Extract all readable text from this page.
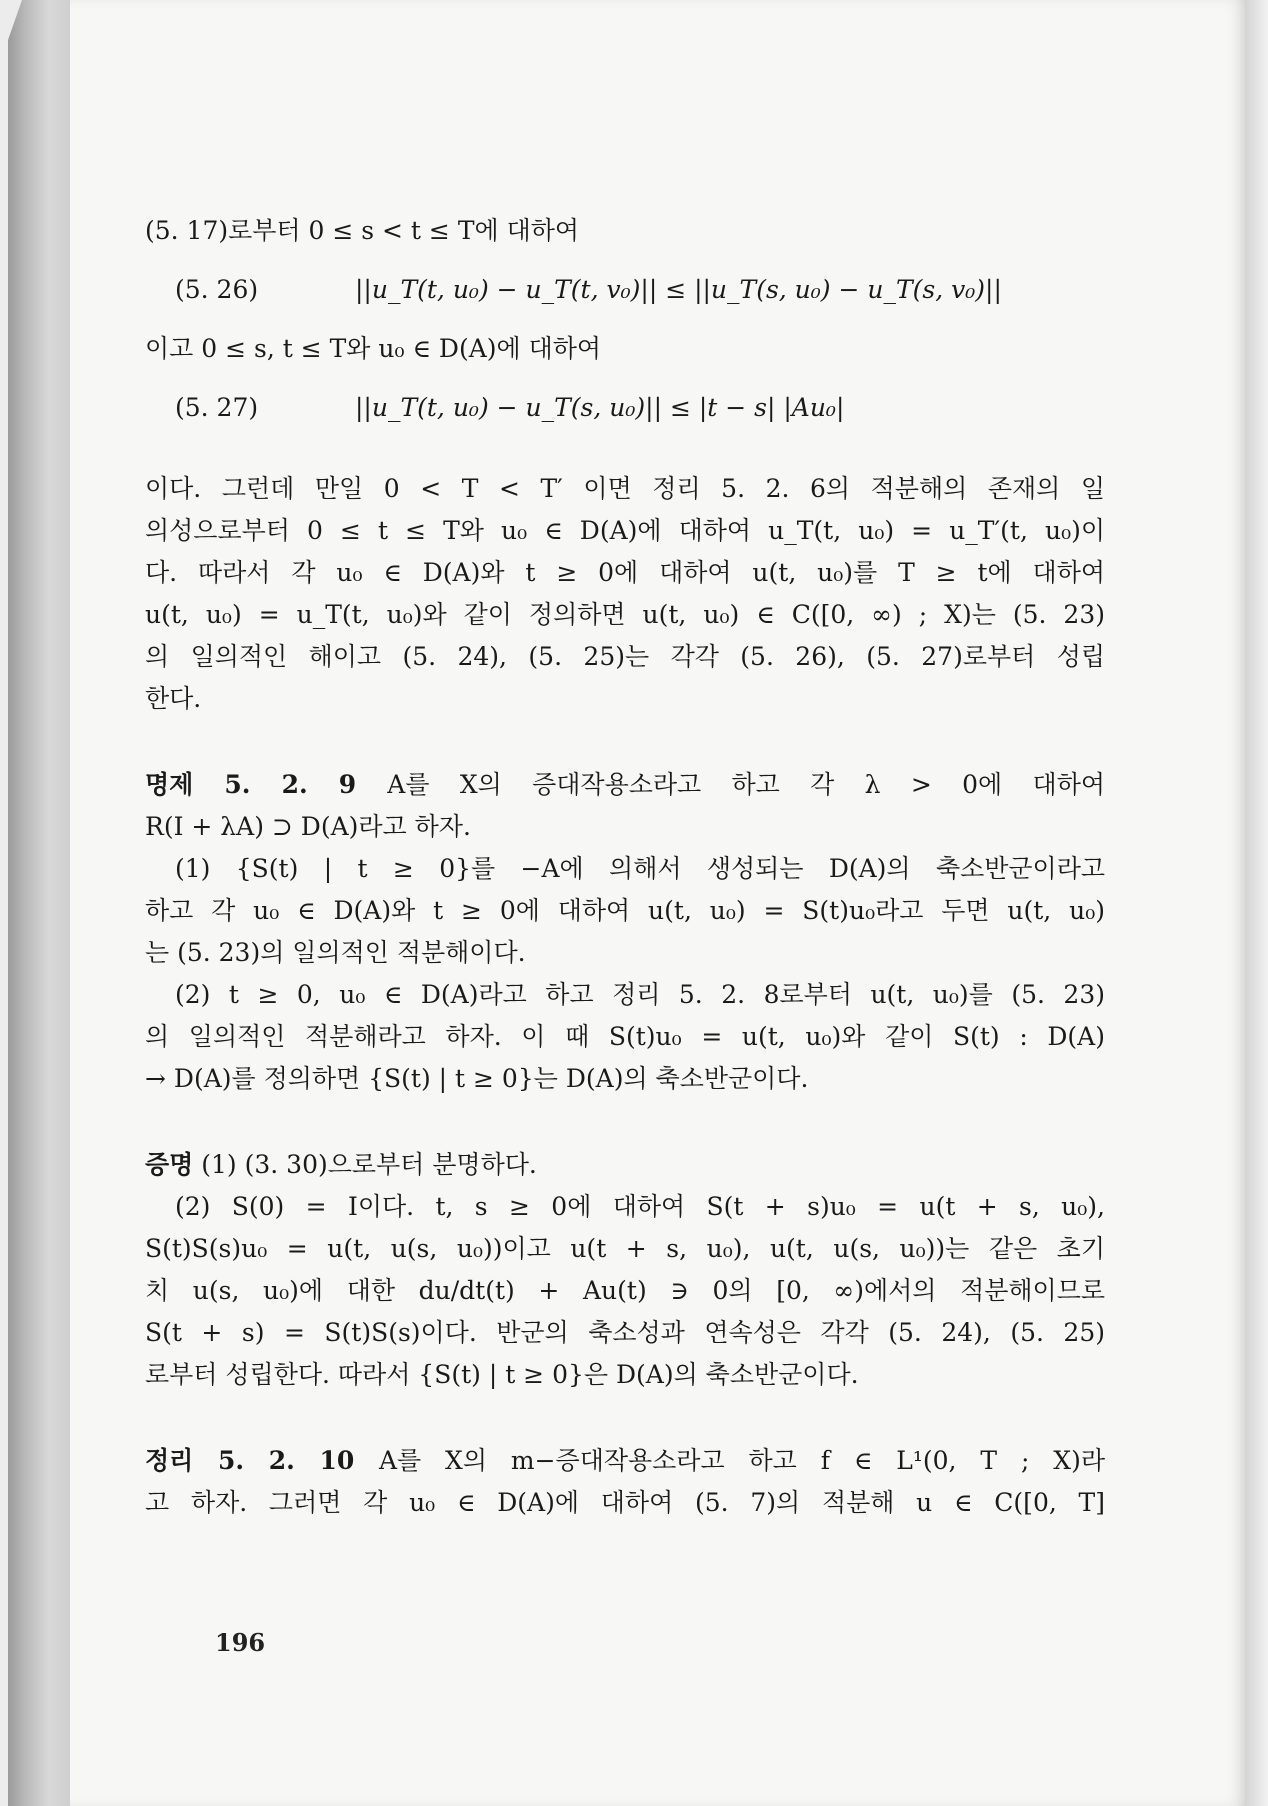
(5. 17)로부터 0 ≤ s < t ≤ T에 대하여
(5. 26)	||u_T(t, u₀) − u_T(t, v₀)|| ≤ ||u_T(s, u₀) − u_T(s, v₀)||
이고 0 ≤ s, t ≤ T와 u₀ ∈ D(A)에 대하여
(5. 27)	||u_T(t, u₀) − u_T(s, u₀)|| ≤ |t − s| |Au₀|
이다. 그런데 만일 0 < T < T′ 이면 정리 5. 2. 6의 적분해의 존재의 일
의성으로부터 0 ≤ t ≤ T와 u₀ ∈ D(A)에 대하여 u_T(t, u₀) = u_T′(t, u₀)이
다. 따라서 각 u₀ ∈ D(A)와 t ≥ 0에 대하여 u(t, u₀)를 T ≥ t에 대하여
u(t, u₀) = u_T(t, u₀)와 같이 정의하면 u(t, u₀) ∈ C([0, ∞) ; X)는 (5. 23)
의 일의적인 해이고 (5. 24), (5. 25)는 각각 (5. 26), (5. 27)로부터 성립
한다.
명제 5. 2. 9 A를 X의 증대작용소라고 하고 각 λ > 0에 대하여
R(I + λA) ⊃ D(A)라고 하자.
(1) {S(t) | t ≥ 0}를 −A에 의해서 생성되는 D(A)의 축소반군이라고
하고 각 u₀ ∈ D(A)와 t ≥ 0에 대하여 u(t, u₀) = S(t)u₀라고 두면 u(t, u₀)
는 (5. 23)의 일의적인 적분해이다.
(2) t ≥ 0, u₀ ∈ D(A)라고 하고 정리 5. 2. 8로부터 u(t, u₀)를 (5. 23)
의 일의적인 적분해라고 하자. 이 때 S(t)u₀ = u(t, u₀)와 같이 S(t) : D(A)
→ D(A)를 정의하면 {S(t) | t ≥ 0}는 D(A)의 축소반군이다.
증명 (1) (3. 30)으로부터 분명하다.
(2) S(0) = I이다. t, s ≥ 0에 대하여 S(t + s)u₀ = u(t + s, u₀),
S(t)S(s)u₀ = u(t, u(s, u₀))이고 u(t + s, u₀), u(t, u(s, u₀))는 같은 초기
치 u(s, u₀)에 대한 du/dt(t) + Au(t) ∋ 0의 [0, ∞)에서의 적분해이므로
S(t + s) = S(t)S(s)이다. 반군의 축소성과 연속성은 각각 (5. 24), (5. 25)
로부터 성립한다. 따라서 {S(t) | t ≥ 0}은 D(A)의 축소반군이다.
정리 5. 2. 10 A를 X의 m−증대작용소라고 하고 f ∈ L¹(0, T ; X)라
고 하자. 그러면 각 u₀ ∈ D(A)에 대하여 (5. 7)의 적분해 u ∈ C([0, T]
196
